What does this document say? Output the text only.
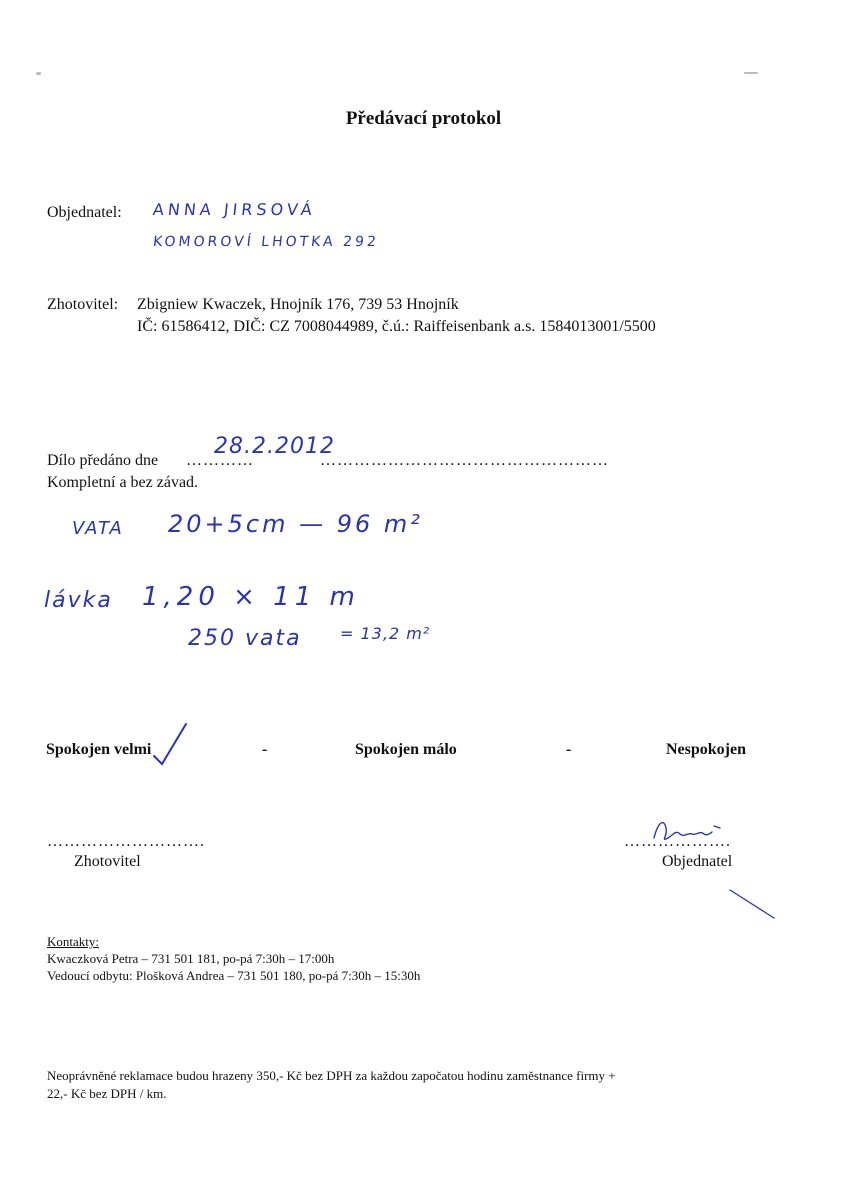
Předávací protokol
Objednatel: ANNA JIRSOVÁ
KOMOROVÍ LHOTKA 292
Zhotovitel: Zbigniew Kwaczek, Hnojník 176, 739 53 Hnojník
IČ: 61586412, DIČ: CZ 7008044989, č.ú.: Raiffeisenbank a.s. 1584013001/5500
Dílo předáno dne …………
28.2.2012
……………………………………………
Kompletní a bez závad.
VATA 20+5cm — 96 m²
lávka 1,20 × 11 m
250 vata = 13,2 m²
Spokojen velmi	-	Spokojen málo	-	Nespokojen
……………………….
Zhotovitel
……………….
Objednatel
Kontakty:
Kwaczková Petra – 731 501 181, po-pá 7:30h – 17:00h
Vedoucí odbytu: Plošková Andrea – 731 501 180, po-pá 7:30h – 15:30h
Neoprávněné reklamace budou hrazeny 350,- Kč bez DPH za každou započatou hodinu zaměstnance firmy +
22,- Kč bez DPH / km.
